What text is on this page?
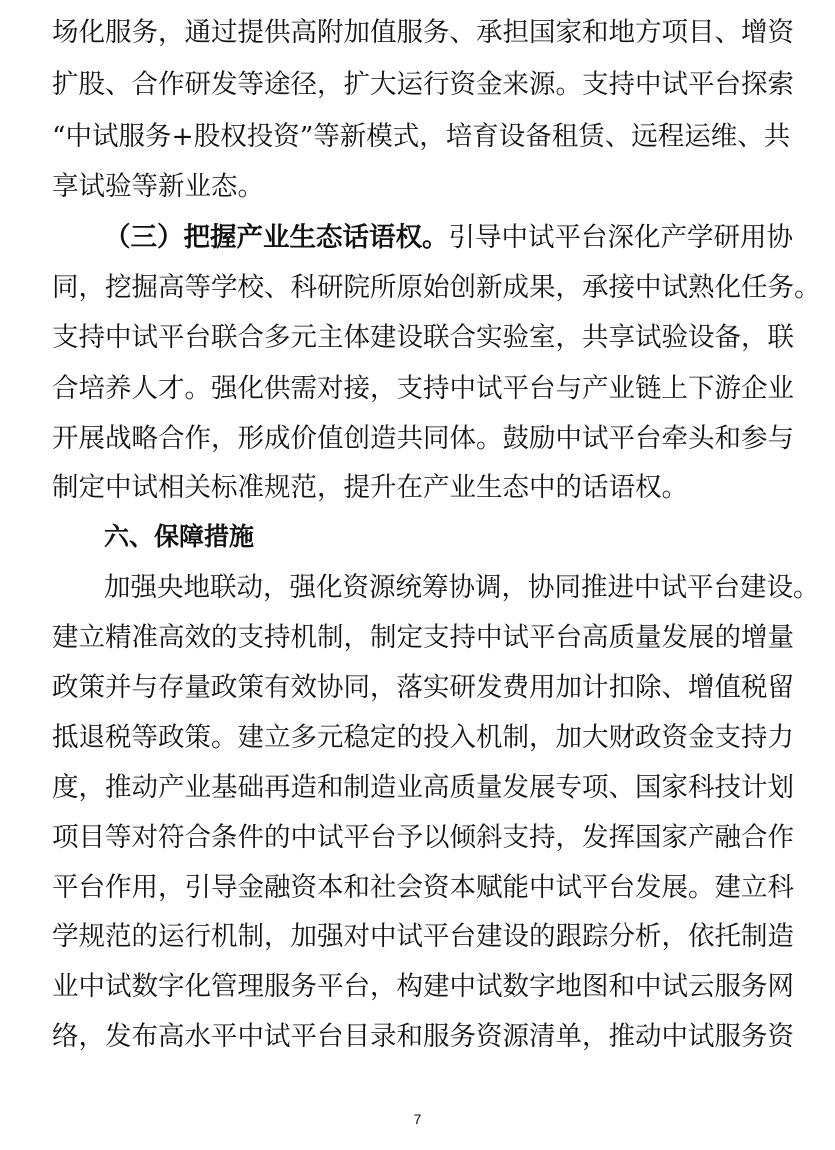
场化服务，通过提供高附加值服务、承担国家和地方项目、增资
扩股、合作研发等途径，扩大运行资金来源。支持中试平台探索
“中试服务+股权投资”等新模式，培育设备租赁、远程运维、共
享试验等新业态。
（三）把握产业生态话语权。引导中试平台深化产学研用协
同，挖掘高等学校、科研院所原始创新成果，承接中试熟化任务。
支持中试平台联合多元主体建设联合实验室，共享试验设备，联
合培养人才。强化供需对接，支持中试平台与产业链上下游企业
开展战略合作，形成价值创造共同体。鼓励中试平台牵头和参与
制定中试相关标准规范，提升在产业生态中的话语权。
六、保障措施
加强央地联动，强化资源统筹协调，协同推进中试平台建设。
建立精准高效的支持机制，制定支持中试平台高质量发展的增量
政策并与存量政策有效协同，落实研发费用加计扣除、增值税留
抵退税等政策。建立多元稳定的投入机制，加大财政资金支持力
度，推动产业基础再造和制造业高质量发展专项、国家科技计划
项目等对符合条件的中试平台予以倾斜支持，发挥国家产融合作
平台作用，引导金融资本和社会资本赋能中试平台发展。建立科
学规范的运行机制，加强对中试平台建设的跟踪分析，依托制造
业中试数字化管理服务平台，构建中试数字地图和中试云服务网
络，发布高水平中试平台目录和服务资源清单，推动中试服务资
7
